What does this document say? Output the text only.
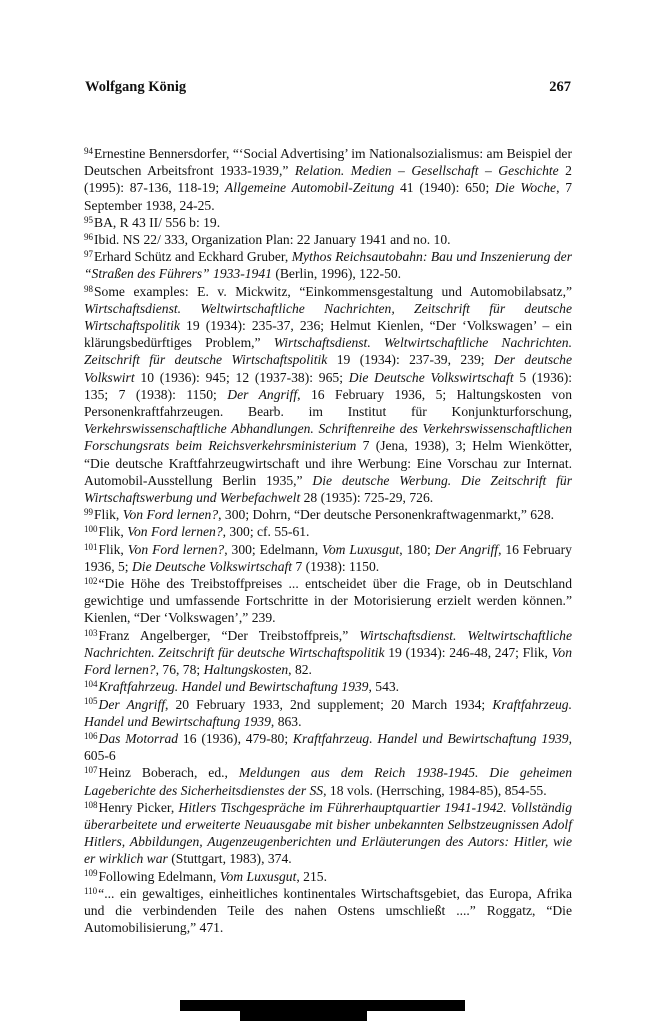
Wolfgang König	267

$^{94}$Ernestine Bennersdorfer, “‘Social Advertising’ im Nationalsozialismus: am Beispiel der Deutschen Arbeitsfront 1933-1939,” Relation. Medien – Gesellschaft – Geschichte 2 (1995): 87-136, 118-19; Allgemeine Automobil-Zeitung 41 (1940): 650; Die Woche, 7 September 1938, 24-25.

$^{95}$BA, R 43 II/ 556 b: 19.

$^{96}$Ibid. NS 22/ 333, Organization Plan: 22 January 1941 and no. 10.

$^{97}$Erhard Schütz and Eckhard Gruber, Mythos Reichsautobahn: Bau und Inszenierung der “Straßen des Führers” 1933-1941 (Berlin, 1996), 122-50.

$^{98}$Some examples: E. v. Mickwitz, “Einkommensgestaltung und Automobilabsatz,” Wirtschaftsdienst. Weltwirtschaftliche Nachrichten, Zeitschrift für deutsche Wirtschaftspolitik 19 (1934): 235-37, 236; Helmut Kienlen, “Der ‘Volkswagen’ – ein klärungsbedürftiges Problem,” Wirtschaftsdienst. Weltwirtschaftliche Nachrichten. Zeitschrift für deutsche Wirtschaftspolitik 19 (1934): 237-39, 239; Der deutsche Volkswirt 10 (1936): 945; 12 (1937-38): 965; Die Deutsche Volkswirtschaft 5 (1936): 135; 7 (1938): 1150; Der Angriff, 16 February 1936, 5; Haltungskosten von Personenkraftfahrzeugen. Bearb. im Institut für Konjunkturforschung, Verkehrswissenschaftliche Abhandlungen. Schriftenreihe des Verkehrswissenschaftlichen Forschungsrats beim Reichsverkehrsministerium 7 (Jena, 1938), 3; Helm Wienkötter, “Die deutsche Kraftfahrzeugwirtschaft und ihre Werbung: Eine Vorschau zur Internat. Automobil-Ausstellung Berlin 1935,” Die deutsche Werbung. Die Zeitschrift für Wirtschaftswerbung und Werbefachwelt 28 (1935): 725-29, 726.

$^{99}$Flik, Von Ford lernen?, 300; Dohrn, “Der deutsche Personenkraftwagenmarkt,” 628.

$^{100}$Flik, Von Ford lernen?, 300; cf. 55-61.

$^{101}$Flik, Von Ford lernen?, 300; Edelmann, Vom Luxusgut, 180; Der Angriff, 16 February 1936, 5; Die Deutsche Volkswirtschaft 7 (1938): 1150.

$^{102}$“Die Höhe des Treibstoffpreises ... entscheidet über die Frage, ob in Deutschland gewichtige und umfassende Fortschritte in der Motorisierung erzielt werden können.” Kienlen, “Der ‘Volkswagen’,” 239.

$^{103}$Franz Angelberger, “Der Treibstoffpreis,” Wirtschaftsdienst. Weltwirtschaftliche Nachrichten. Zeitschrift für deutsche Wirtschaftspolitik 19 (1934): 246-48, 247; Flik, Von Ford lernen?, 76, 78; Haltungskosten, 82.

$^{104}$Kraftfahrzeug. Handel und Bewirtschaftung 1939, 543.

$^{105}$Der Angriff, 20 February 1933, 2nd supplement; 20 March 1934; Kraftfahrzeug. Handel und Bewirtschaftung 1939, 863.

$^{106}$Das Motorrad 16 (1936), 479-80; Kraftfahrzeug. Handel und Bewirtschaftung 1939, 605-6

$^{107}$Heinz Boberach, ed., Meldungen aus dem Reich 1938-1945. Die geheimen Lageberichte des Sicherheitsdienstes der SS, 18 vols. (Herrsching, 1984-85), 854-55.

$^{108}$Henry Picker, Hitlers Tischgespräche im Führerhauptquartier 1941-1942. Vollständig überarbeitete und erweiterte Neuausgabe mit bisher unbekannten Selbstzeugnissen Adolf Hitlers, Abbildungen, Augenzeugenberichten und Erläuterungen des Autors: Hitler, wie er wirklich war (Stuttgart, 1983), 374.

$^{109}$Following Edelmann, Vom Luxusgut, 215.

$^{110}$“... ein gewaltiges, einheitliches kontinentales Wirtschaftsgebiet, das Europa, Afrika und die verbindenden Teile des nahen Ostens umschließt ....” Roggatz, “Die Automobilisierung,” 471.
